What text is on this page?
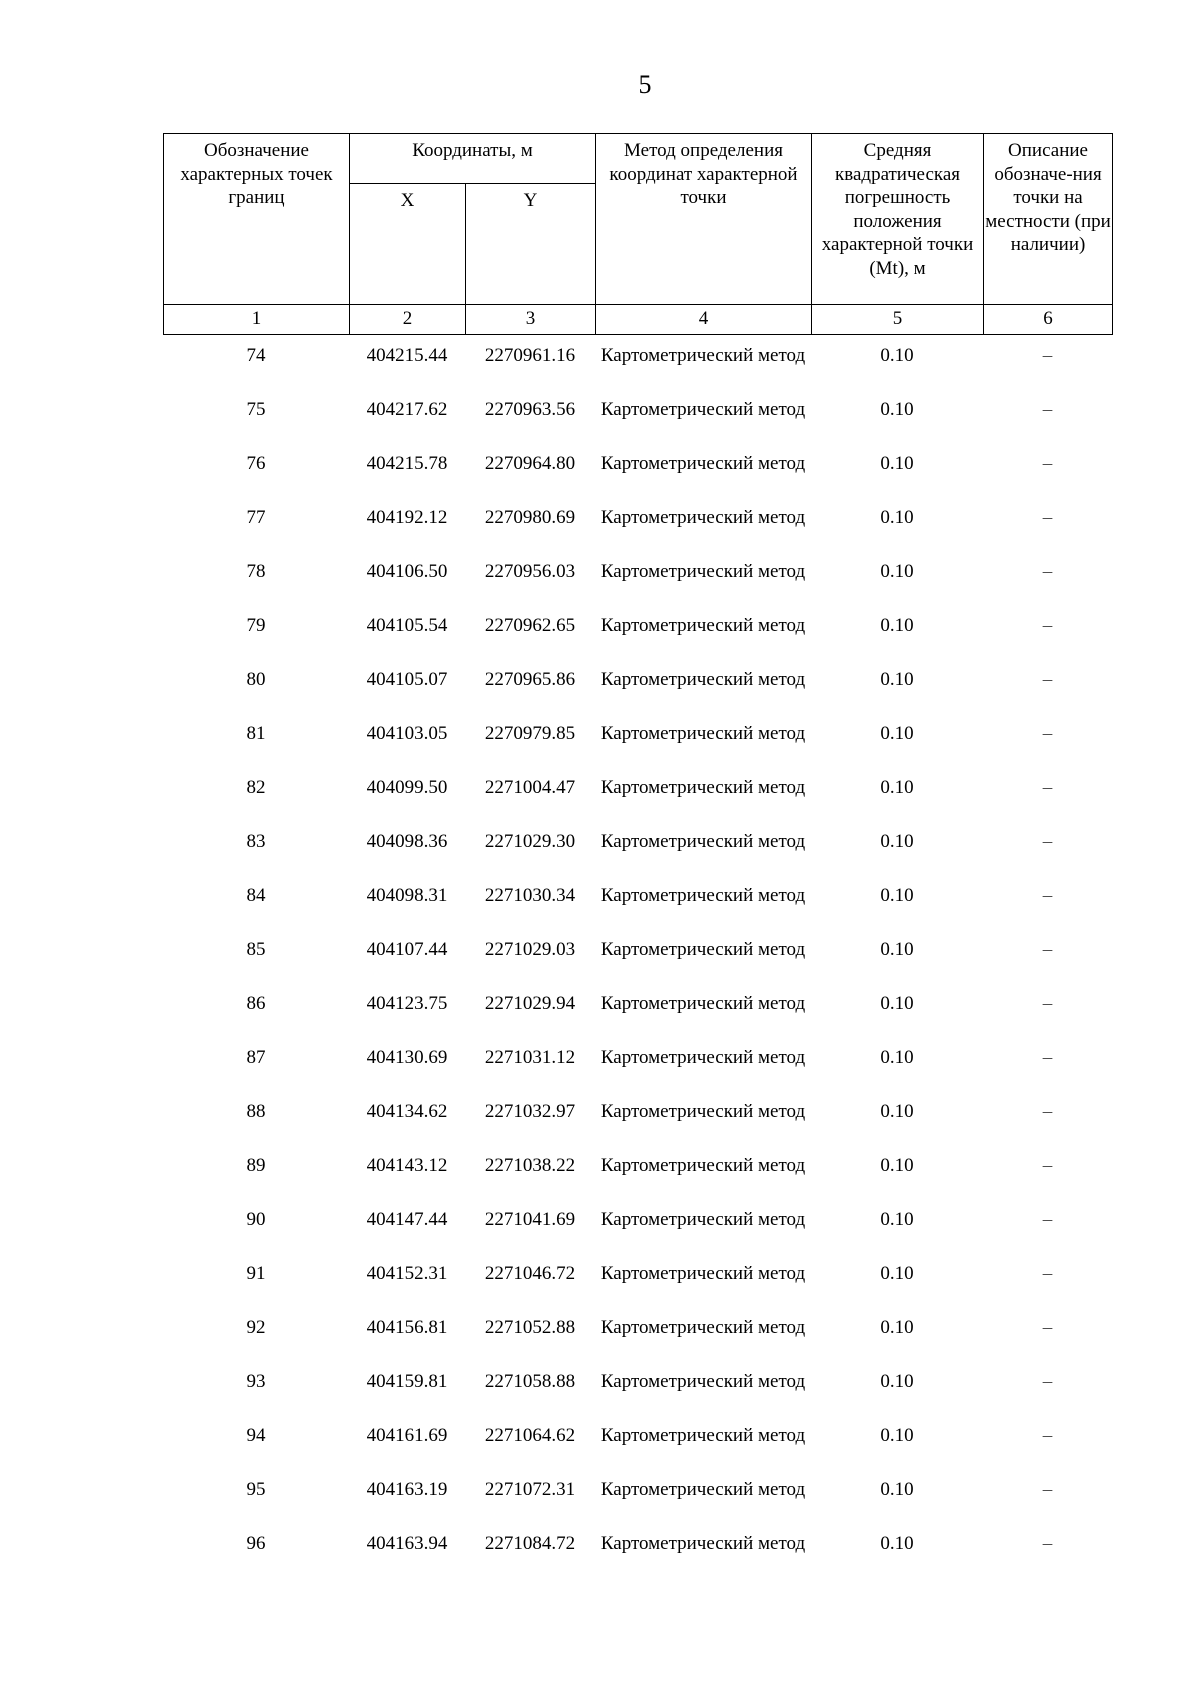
5
Обозначение характерных точек границ	Координаты, м		Метод определения координат характерной точки	Средняя квадратическая погрешность положения характерной точки (Mt), м	Описание обозначе-ния точки на местности (при наличии)
	X	Y			
1	2	3	4	5	6
74	404215.44	2270961.16	Картометрический метод	0.10	–
75	404217.62	2270963.56	Картометрический метод	0.10	–
76	404215.78	2270964.80	Картометрический метод	0.10	–
77	404192.12	2270980.69	Картометрический метод	0.10	–
78	404106.50	2270956.03	Картометрический метод	0.10	–
79	404105.54	2270962.65	Картометрический метод	0.10	–
80	404105.07	2270965.86	Картометрический метод	0.10	–
81	404103.05	2270979.85	Картометрический метод	0.10	–
82	404099.50	2271004.47	Картометрический метод	0.10	–
83	404098.36	2271029.30	Картометрический метод	0.10	–
84	404098.31	2271030.34	Картометрический метод	0.10	–
85	404107.44	2271029.03	Картометрический метод	0.10	–
86	404123.75	2271029.94	Картометрический метод	0.10	–
87	404130.69	2271031.12	Картометрический метод	0.10	–
88	404134.62	2271032.97	Картометрический метод	0.10	–
89	404143.12	2271038.22	Картометрический метод	0.10	–
90	404147.44	2271041.69	Картометрический метод	0.10	–
91	404152.31	2271046.72	Картометрический метод	0.10	–
92	404156.81	2271052.88	Картометрический метод	0.10	–
93	404159.81	2271058.88	Картометрический метод	0.10	–
94	404161.69	2271064.62	Картометрический метод	0.10	–
95	404163.19	2271072.31	Картометрический метод	0.10	–
96	404163.94	2271084.72	Картометрический метод	0.10	–
